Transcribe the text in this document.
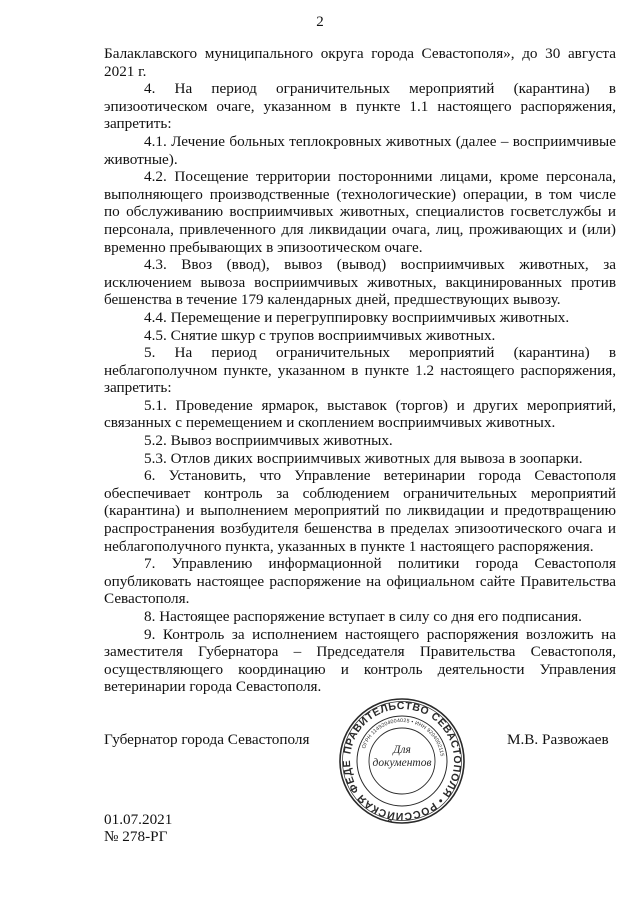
2

Балаклавского муниципального округа города Севастополя», до 30 августа 2021 г.

4. На период ограничительных мероприятий (карантина) в эпизоотическом очаге, указанном в пункте 1.1 настоящего распоряжения, запретить:

4.1. Лечение больных теплокровных животных (далее – восприимчивые животные).

4.2. Посещение территории посторонними лицами, кроме персонала, выполняющего производственные (технологические) операции, в том числе по обслуживанию восприимчивых животных, специалистов госветслужбы и персонала, привлеченного для ликвидации очага, лиц, проживающих и (или) временно пребывающих в эпизоотическом очаге.

4.3. Ввоз (ввод), вывоз (вывод) восприимчивых животных, за исключением вывоза восприимчивых животных, вакцинированных против бешенства в течение 179 календарных дней, предшествующих вывозу.

4.4. Перемещение и перегруппировку восприимчивых животных.

4.5. Снятие шкур с трупов восприимчивых животных.

5. На период ограничительных мероприятий (карантина) в неблагополучном пункте, указанном в пункте 1.2 настоящего распоряжения, запретить:

5.1. Проведение ярмарок, выставок (торгов) и других мероприятий, связанных с перемещением и скоплением восприимчивых животных.

5.2. Вывоз восприимчивых животных.

5.3. Отлов диких восприимчивых животных для вывоза в зоопарки.

6. Установить, что Управление ветеринарии города Севастополя обеспечивает контроль за соблюдением ограничительных мероприятий (карантина) и выполнением мероприятий по ликвидации и предотвращению распространения возбудителя бешенства в пределах эпизоотического очага и неблагополучного пункта, указанных в пункте 1 настоящего распоряжения.

7. Управлению информационной политики города Севастополя опубликовать настоящее распоряжение на официальном сайте Правительства Севастополя.

8. Настоящее распоряжение вступает в силу со дня его подписания.

9. Контроль за исполнением настоящего распоряжения возложить на заместителя Губернатора – Председателя Правительства Севастополя, осуществляющего координацию и контроль деятельности Управления ветеринарии города Севастополя.

Губернатор города Севастополя	М.В. Развожаев
ПРАВИТЕЛЬСТВО СЕВАСТОПОЛЯ • РОССИЙСКАЯ ФЕДЕ
ОГРН 1149204004025 • ИНН 9204002115
Для
документов
01.07.2021
№ 278-РГ
